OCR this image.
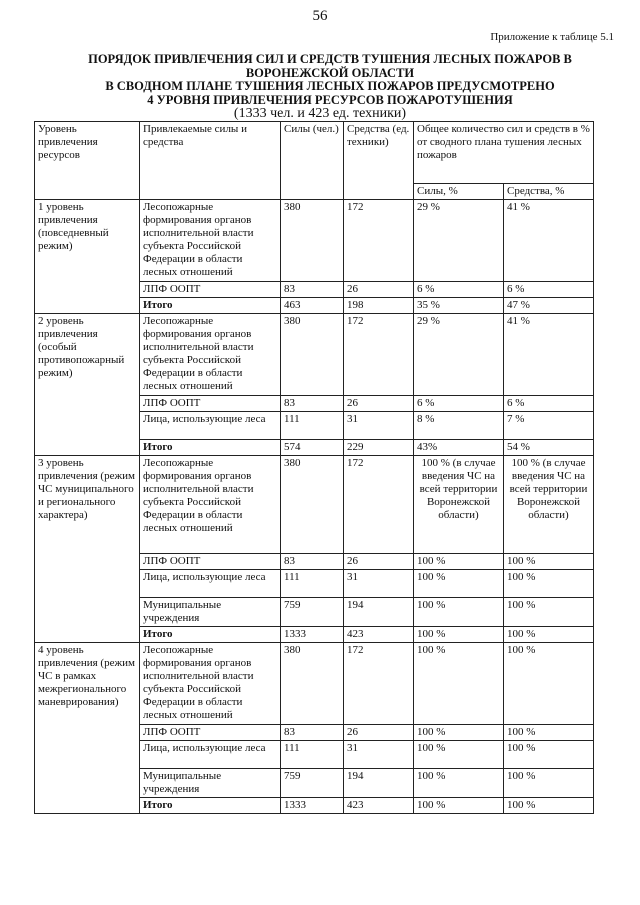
56
Приложение к таблице 5.1
ПОРЯДОК ПРИВЛЕЧЕНИЯ СИЛ И СРЕДСТВ ТУШЕНИЯ ЛЕСНЫХ ПОЖАРОВ В
ВОРОНЕЖСКОЙ ОБЛАСТИ
В СВОДНОМ ПЛАНЕ ТУШЕНИЯ ЛЕСНЫХ ПОЖАРОВ ПРЕДУСМОТРЕНО
4 УРОВНЯ ПРИВЛЕЧЕНИЯ РЕСУРСОВ ПОЖАРОТУШЕНИЯ
(1333 чел. и 423 ед. техники)
Уровень привлечения ресурсов	Привлекаемые силы и средства	Силы (чел.)	Средства (ед. техники)	Общее количество сил и средств в % от сводного плана тушения лесных пожаров	
				Силы, %	Средства, %
1 уровень привлечения (повседневный режим)	Лесопожарные формирования органов исполнительной власти субъекта Российской Федерации в области лесных отношений	380	172	29 %	41 %
	ЛПФ ООПТ	83	26	6 %	6 %
	Итого	463	198	35 %	47 %
2 уровень привлечения (особый противопожарный режим)	Лесопожарные формирования органов исполнительной власти субъекта Российской Федерации в области лесных отношений	380	172	29 %	41 %
	ЛПФ ООПТ	83	26	6 %	6 %
	Лица, использующие леса	111	31	8 %	7 %
	Итого	574	229	43%	54 %
3 уровень привлечения (режим ЧС муниципального и регионального характера)	Лесопожарные формирования органов исполнительной власти субъекта Российской Федерации в области лесных отношений	380	172	100 % (в случае введения ЧС на всей территории Воронежской области)	100 % (в случае введения ЧС на всей территории Воронежской области)
	ЛПФ ООПТ	83	26	100 %	100 %
	Лица, использующие леса	111	31	100 %	100 %
	Муниципальные учреждения	759	194	100 %	100 %
	Итого	1333	423	100 %	100 %
4 уровень привлечения (режим ЧС в рамках межрегионального маневрирования)	Лесопожарные формирования органов исполнительной власти субъекта Российской Федерации в области лесных отношений	380	172	100 %	100 %
	ЛПФ ООПТ	83	26	100 %	100 %
	Лица, использующие леса	111	31	100 %	100 %
	Муниципальные учреждения	759	194	100 %	100 %
	Итого	1333	423	100 %	100 %
